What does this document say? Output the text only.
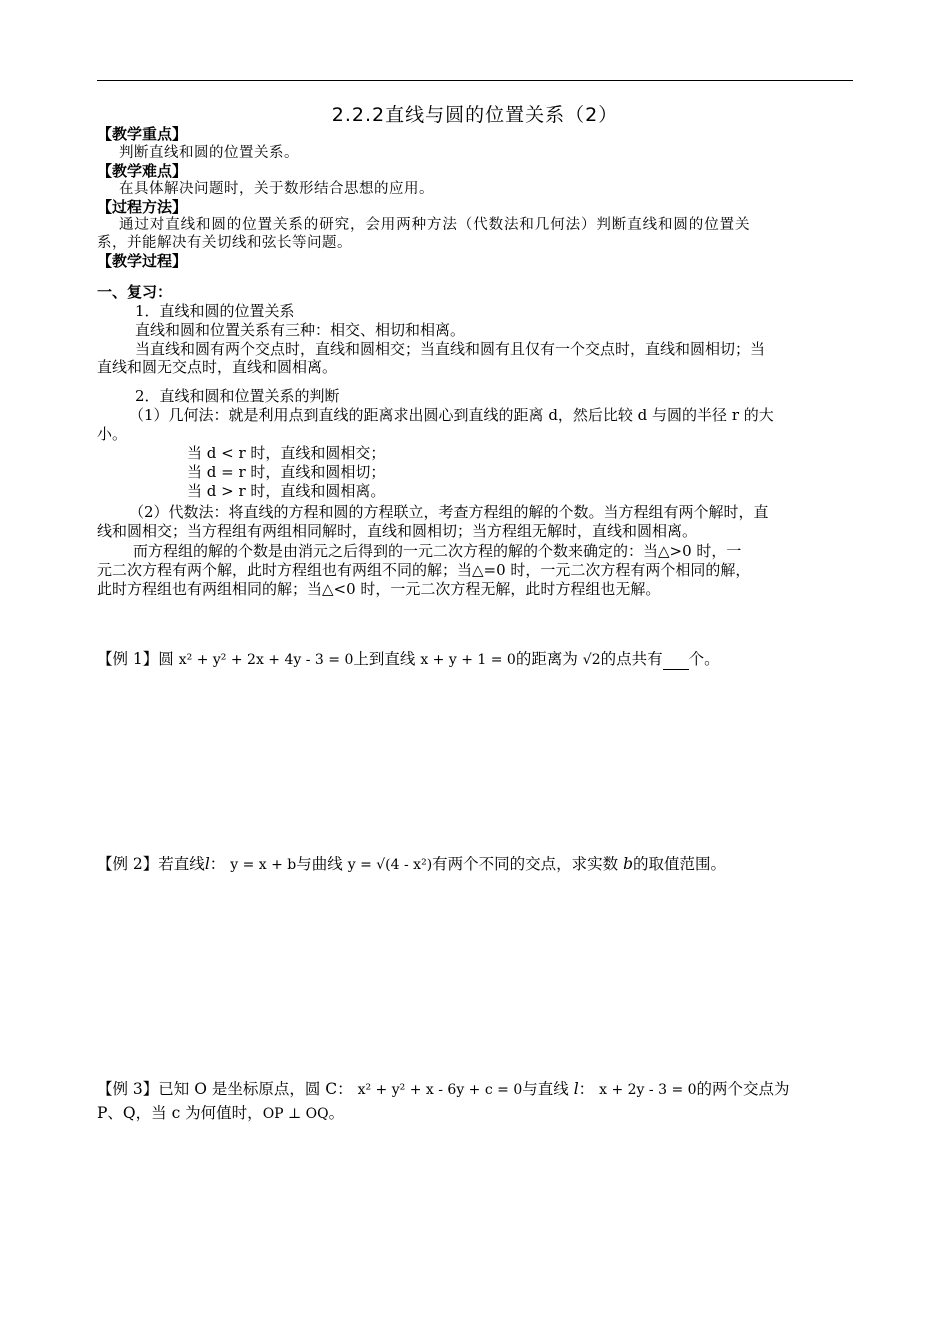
2.2.2直线与圆的位置关系（2）
【教学重点】
判断直线和圆的位置关系。
【教学难点】
在具体解决问题时，关于数形结合思想的应用。
【过程方法】
通过对直线和圆的位置关系的研究，会用两种方法（代数法和几何法）判断直线和圆的位置关
系，并能解决有关切线和弦长等问题。
【教学过程】
一、复习：
1．直线和圆的位置关系
直线和圆和位置关系有三种：相交、相切和相离。
当直线和圆有两个交点时，直线和圆相交；当直线和圆有且仅有一个交点时，直线和圆相切；当
直线和圆无交点时，直线和圆相离。
2．直线和圆和位置关系的判断
（1）几何法：就是利用点到直线的距离求出圆心到直线的距离 d，然后比较 d 与圆的半径 r 的大
小。
当 d < r 时，直线和圆相交；
当 d = r 时，直线和圆相切；
当 d > r 时，直线和圆相离。
（2）代数法：将直线的方程和圆的方程联立，考查方程组的解的个数。当方程组有两个解时，直
线和圆相交；当方程组有两组相同解时，直线和圆相切；当方程组无解时，直线和圆相离。
而方程组的解的个数是由消元之后得到的一元二次方程的解的个数来确定的：当△>0 时，一
元二次方程有两个解，此时方程组也有两组不同的解；当△=0 时，一元二次方程有两个相同的解，
此时方程组也有两组相同的解；当△<0 时，一元二次方程无解，此时方程组也无解。
【例 1】圆 x² + y² + 2x + 4y - 3 = 0上到直线 x + y + 1 = 0的距离为 √2的点共有 个。
【例 2】若直线l： y = x + b与曲线 y = √(4 - x²)有两个不同的交点，求实数 b的取值范围。
【例 3】已知 O 是坐标原点，圆 C： x² + y² + x - 6y + c = 0与直线 l： x + 2y - 3 = 0的两个交点为
P、Q，当 c 为何值时，OP ⊥ OQ。
